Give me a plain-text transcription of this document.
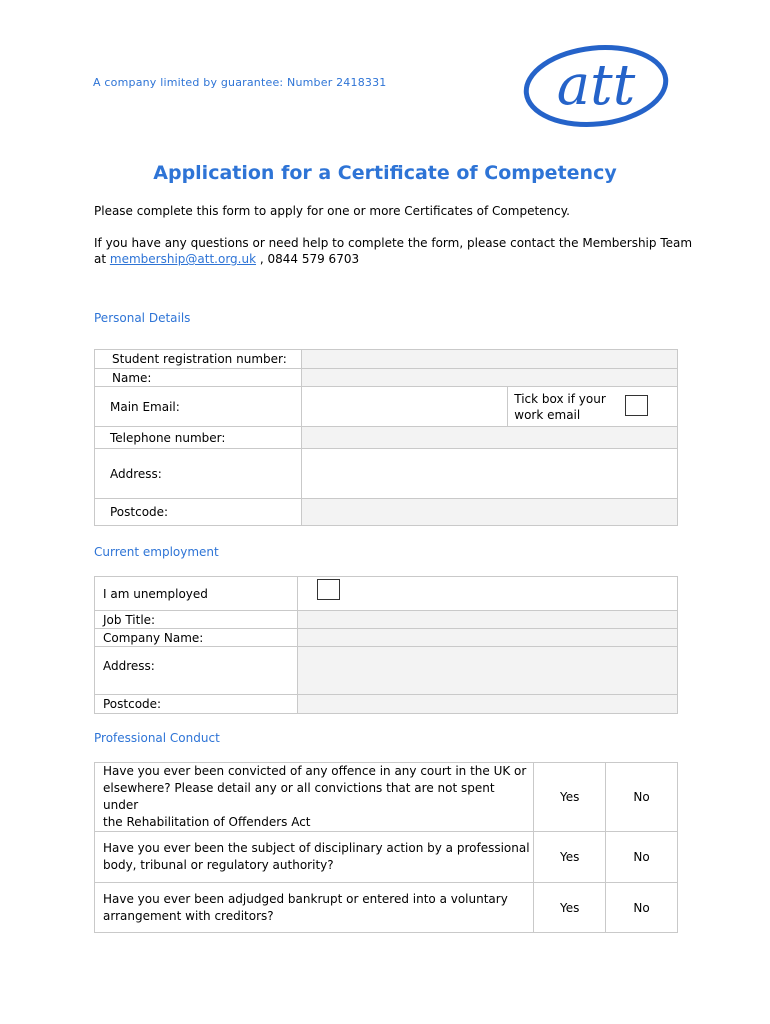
A company limited by guarantee: Number 2418331	att
Application for a Certificate of Competency
Please complete this form to apply for one or more Certificates of Competency.
If you have any questions or need help to complete the form, please contact the Membership Team
at membership@att.org.uk , 0844 579 6703
Personal Details
Student registration number:		
Name:		
Main Email:		Tick box if your
work email

Telephone number:		
Address:		
Postcode:		
Current employment
I am unemployed	
Job Title:	
Company Name:	
Address:	
Postcode:	
Professional Conduct
Have you ever been convicted of any offence in any court in the UK or
elsewhere? Please detail any or all convictions that are not spent under
the Rehabilitation of Offenders Act	Yes	No

Have you ever been the subject of disciplinary action by a professional
body, tribunal or regulatory authority?	Yes	No

Have you ever been adjudged bankrupt or entered into a voluntary
arrangement with creditors?	Yes	No
